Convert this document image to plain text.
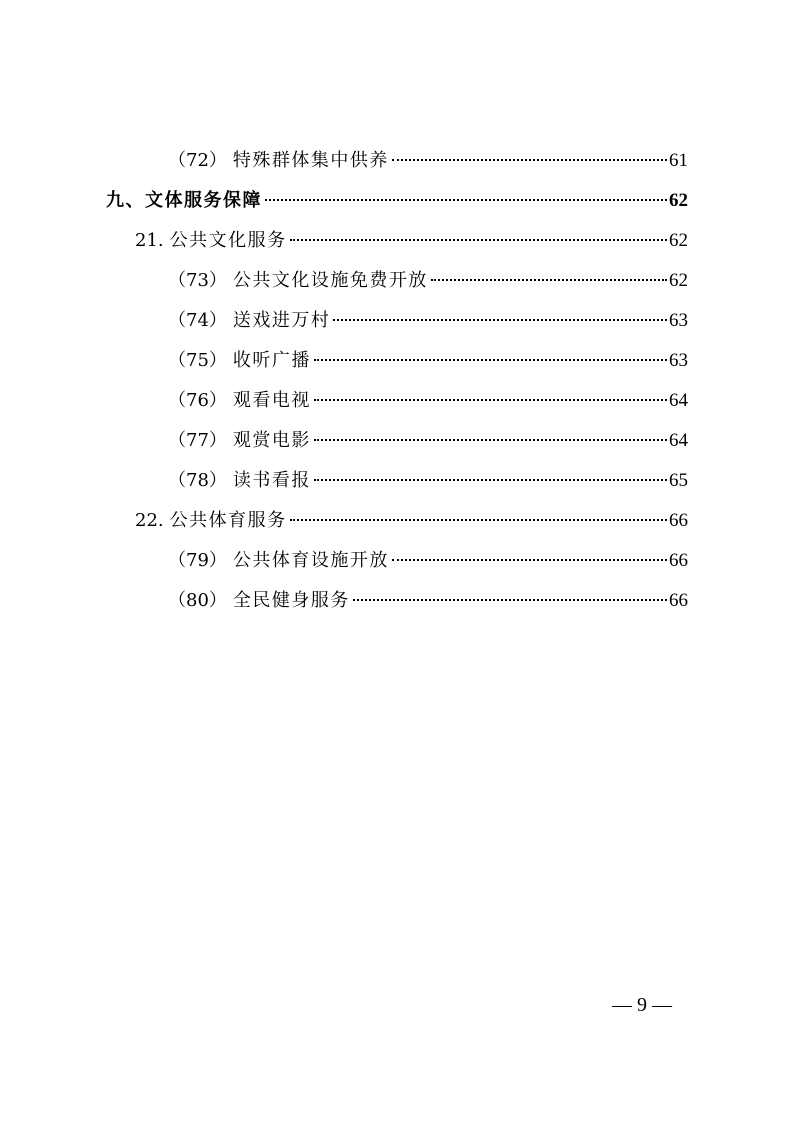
（72） 特殊群体集中供养	61
九、文体服务保障	62
21. 公共文化服务	62
（73） 公共文化设施免费开放	62
（74） 送戏进万村	63
（75） 收听广播	63
（76） 观看电视	64
（77） 观赏电影	64
（78） 读书看报	65
22. 公共体育服务	66
（79） 公共体育设施开放	66
（80） 全民健身服务	66
— 9 —
